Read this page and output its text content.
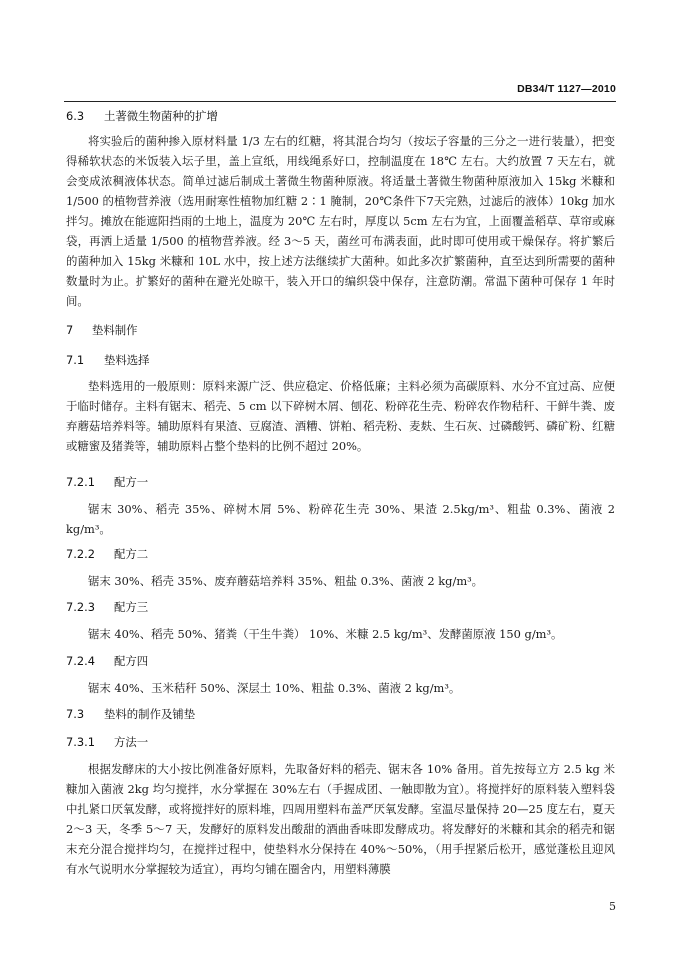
DB34/T 1127—2010
6.3 土著微生物菌种的扩增
将实验后的菌种掺入原材料量 1/3 左右的红糖，将其混合均匀（按坛子容量的三分之一进行装量），把变得稀软状态的米饭装入坛子里，盖上宣纸，用线绳系好口，控制温度在 18℃ 左右。大约放置 7 天左右，就会变成浓稠液体状态。简单过滤后制成土著微生物菌种原液。将适量土著微生物菌种原液加入 15kg 米糠和 1/500 的植物营养液（选用耐寒性植物加红糖 2∶1 腌制，20℃条件下7天完熟，过滤后的液体）10kg 加水拌匀。摊放在能遮阳挡雨的土地上，温度为 20℃ 左右时，厚度以 5cm 左右为宜，上面覆盖稻草、草帘或麻袋，再洒上适量 1/500 的植物营养液。经 3～5 天，菌丝可布满表面，此时即可使用或干燥保存。将扩繁后的菌种加入 15kg 米糠和 10L 水中，按上述方法继续扩大菌种。如此多次扩繁菌种，直至达到所需要的菌种数量时为止。扩繁好的菌种在避光处晾干，装入开口的编织袋中保存，注意防潮。常温下菌种可保存 1 年时间。
7 垫料制作
7.1 垫料选择
垫料选用的一般原则：原料来源广泛、供应稳定、价格低廉；主料必须为高碳原料、水分不宜过高、应便于临时储存。主料有锯末、稻壳、5 cm 以下碎树木屑、刨花、粉碎花生壳、粉碎农作物秸秆、干鲜牛粪、废弃蘑菇培养料等。辅助原料有果渣、豆腐渣、酒糟、饼粕、稻壳粉、麦麸、生石灰、过磷酸钙、磷矿粉、红糖或糖蜜及猪粪等，辅助原料占整个垫料的比例不超过 20%。
7.2.1 配方一
锯末 30%、稻壳 35%、碎树木屑 5%、粉碎花生壳 30%、果渣 2.5kg/m³、粗盐 0.3%、菌液 2 kg/m³。
7.2.2 配方二
锯末 30%、稻壳 35%、废弃蘑菇培养料 35%、粗盐 0.3%、菌液 2 kg/m³。
7.2.3 配方三
锯末 40%、稻壳 50%、猪粪（干生牛粪） 10%、米糠 2.5 kg/m³、发酵菌原液 150 g/m³。
7.2.4 配方四
锯末 40%、玉米秸秆 50%、深层土 10%、粗盐 0.3%、菌液 2 kg/m³。
7.3 垫料的制作及铺垫
7.3.1 方法一
根据发酵床的大小按比例准备好原料，先取备好料的稻壳、锯末各 10% 备用。首先按每立方 2.5 kg 米糠加入菌液 2kg 均匀搅拌，水分掌握在 30%左右（手握成团、一触即散为宜）。将搅拌好的原料装入塑料袋中扎紧口厌氧发酵，或将搅拌好的原料堆，四周用塑料布盖严厌氧发酵。室温尽量保持 20—25 度左右，夏天 2～3 天，冬季 5～7 天，发酵好的原料发出酸甜的酒曲香味即发酵成功。将发酵好的米糠和其余的稻壳和锯末充分混合搅拌均匀，在搅拌过程中，使垫料水分保持在 40%～50%，（用手捏紧后松开，感觉蓬松且迎风有水气说明水分掌握较为适宜），再均匀铺在圈舍内，用塑料薄膜
5
